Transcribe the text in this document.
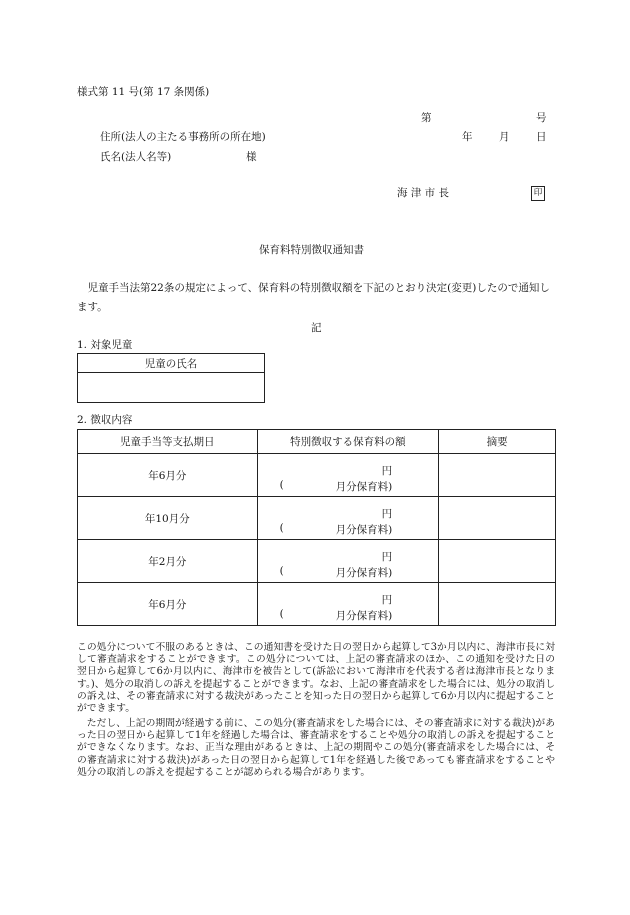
様式第 11 号(第 17 条関係)
第	号
住所(法人の主たる事務所の所在地)	年	月	日
氏名(法人名等)	様
海 津 市 長	印
保育料特別徴収通知書
　児童手当法第22条の規定によって、保育料の特別徴収額を下記のとおり決定(変更)したので通知します。
記
1. 対象児童
児童の氏名

2. 徴収内容
児童手当等支払期日	特別徴収する保育料の額	摘要
年6月分	円
( 月分保育料)	

年10月分	円
( 月分保育料)	

年2月分	円
( 月分保育料)	

年6月分	円
( 月分保育料)	

この処分について不服のあるときは、この通知書を受けた日の翌日から起算して3か月以内に、海津市長に対して審査請求をすることができます。この処分については、上記の審査請求のほか、この通知を受けた日の翌日から起算して6か月以内に、海津市を被告として(訴訟において海津市を代表する者は海津市長となります。)、処分の取消しの訴えを提起することができます。なお、上記の審査請求をした場合には、処分の取消しの訴えは、その審査請求に対する裁決があったことを知った日の翌日から起算して6か月以内に提起することができます。
　ただし、上記の期間が経過する前に、この処分(審査請求をした場合には、その審査請求に対する裁決)があった日の翌日から起算して1年を経過した場合は、審査請求をすることや処分の取消しの訴えを提起することができなくなります。なお、正当な理由があるときは、上記の期間やこの処分(審査請求をした場合には、その審査請求に対する裁決)があった日の翌日から起算して1年を経過した後であっても審査請求をすることや処分の取消しの訴えを提起することが認められる場合があります。
